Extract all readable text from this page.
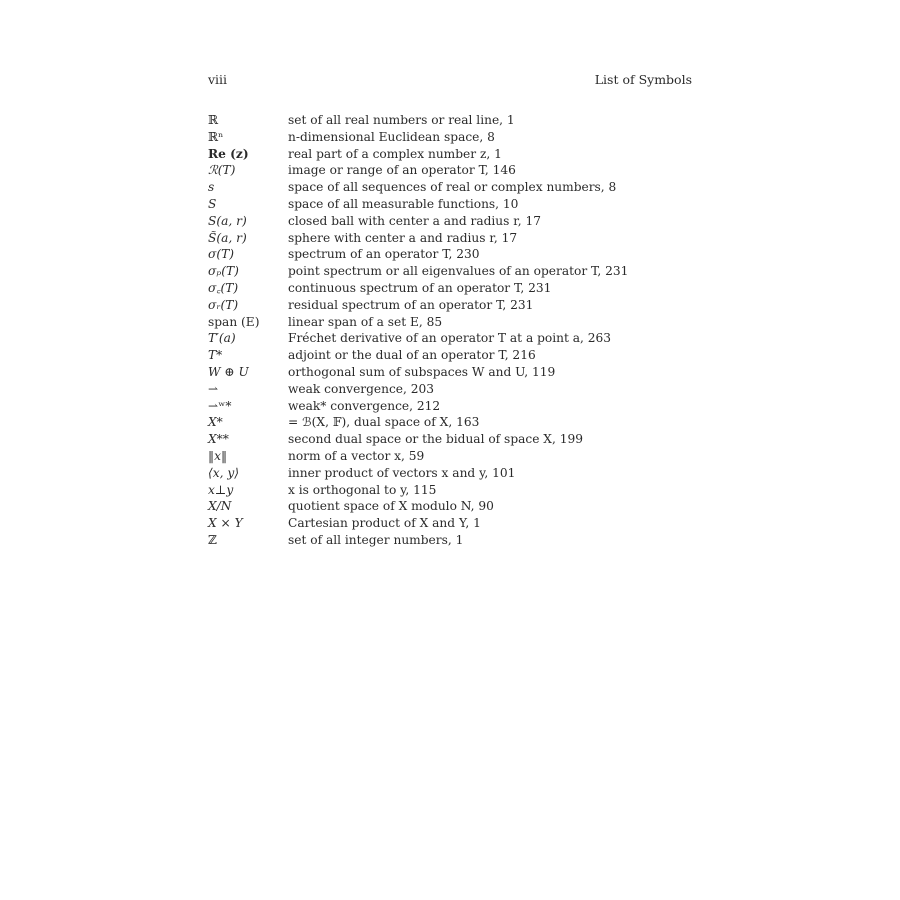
viii	List of Symbols
ℝ	set of all real numbers or real line, 1
ℝⁿ	n-dimensional Euclidean space, 8
Re (z)	real part of a complex number z, 1
ℛ(T)	image or range of an operator T, 146
s	space of all sequences of real or complex numbers, 8
S	space of all measurable functions, 10
S(a, r)	closed ball with center a and radius r, 17
S̃(a, r)	sphere with center a and radius r, 17
σ(T)	spectrum of an operator T, 230
σₚ(T)	point spectrum or all eigenvalues of an operator T, 231
σ꜀(T)	continuous spectrum of an operator T, 231
σᵣ(T)	residual spectrum of an operator T, 231
span (E)	linear span of a set E, 85
T′(a)	Fréchet derivative of an operator T at a point a, 263
T*	adjoint or the dual of an operator T, 216
W ⊕ U	orthogonal sum of subspaces W and U, 119
⇀	weak convergence, 203
⇀ʷ*	weak* convergence, 212
X*	= ℬ(X, 𝔽), dual space of X, 163
X**	second dual space or the bidual of space X, 199
‖x‖	norm of a vector x, 59
⟨x, y⟩	inner product of vectors x and y, 101
x⊥y	x is orthogonal to y, 115
X/N	quotient space of X modulo N, 90
X × Y	Cartesian product of X and Y, 1
ℤ	set of all integer numbers, 1
